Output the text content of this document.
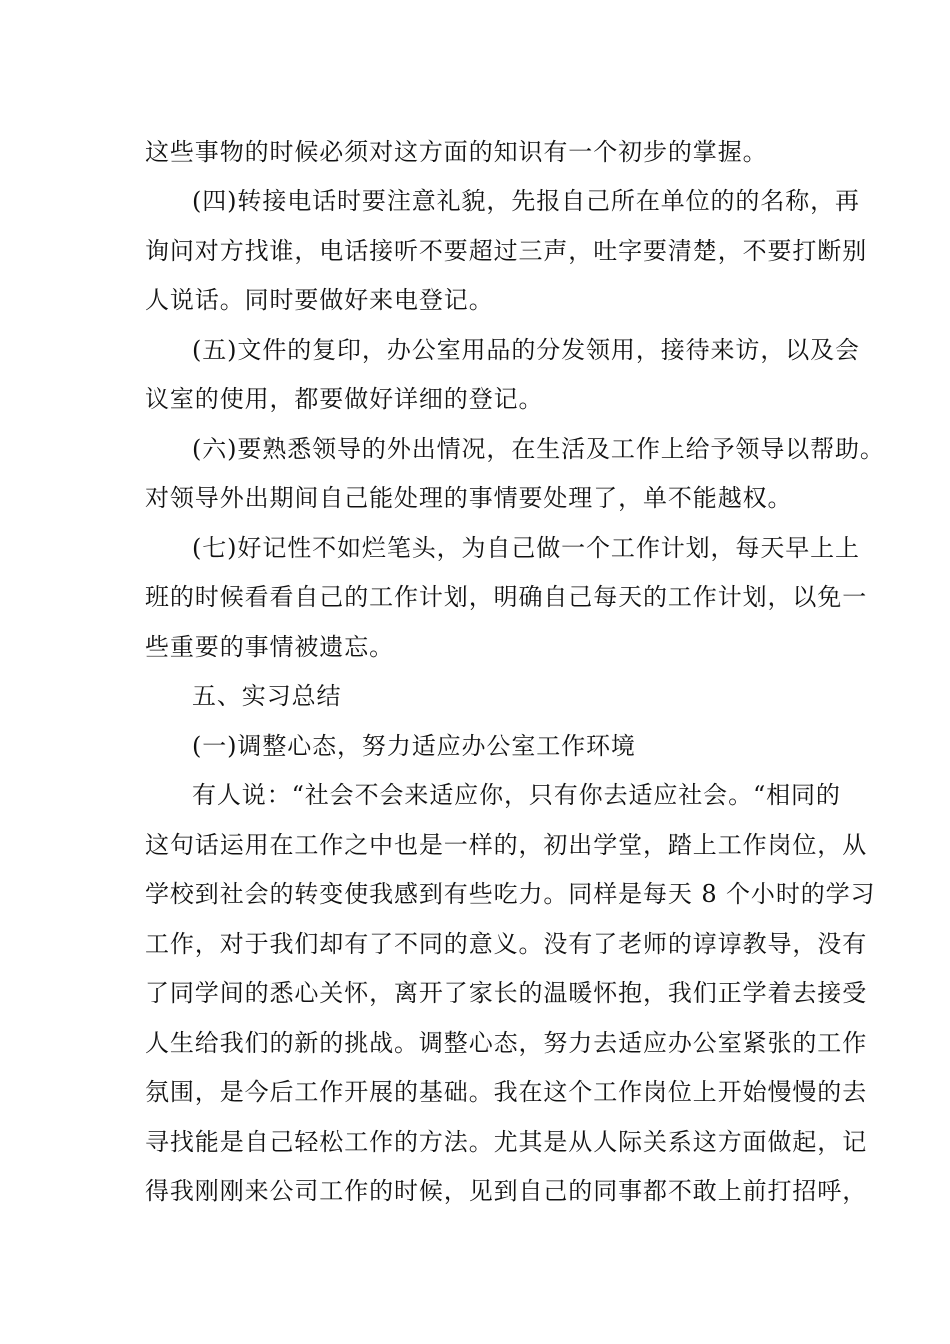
这些事物的时候必须对这方面的知识有一个初步的掌握。
(四)转接电话时要注意礼貌，先报自己所在单位的的名称，再
询问对方找谁，电话接听不要超过三声，吐字要清楚，不要打断别
人说话。同时要做好来电登记。
(五)文件的复印，办公室用品的分发领用，接待来访，以及会
议室的使用，都要做好详细的登记。
(六)要熟悉领导的外出情况，在生活及工作上给予领导以帮助。
对领导外出期间自己能处理的事情要处理了，单不能越权。
(七)好记性不如烂笔头，为自己做一个工作计划，每天早上上
班的时候看看自己的工作计划，明确自己每天的工作计划，以免一
些重要的事情被遗忘。
五、实习总结
(一)调整心态，努力适应办公室工作环境
有人说：“社会不会来适应你，只有你去适应社会。“相同的
这句话运用在工作之中也是一样的，初出学堂，踏上工作岗位，从
学校到社会的转变使我感到有些吃力。同样是每天 8 个小时的学习
工作，对于我们却有了不同的意义。没有了老师的谆谆教导，没有
了同学间的悉心关怀，离开了家长的温暖怀抱，我们正学着去接受
人生给我们的新的挑战。调整心态，努力去适应办公室紧张的工作
氛围，是今后工作开展的基础。我在这个工作岗位上开始慢慢的去
寻找能是自己轻松工作的方法。尤其是从人际关系这方面做起，记
得我刚刚来公司工作的时候，见到自己的同事都不敢上前打招呼，
